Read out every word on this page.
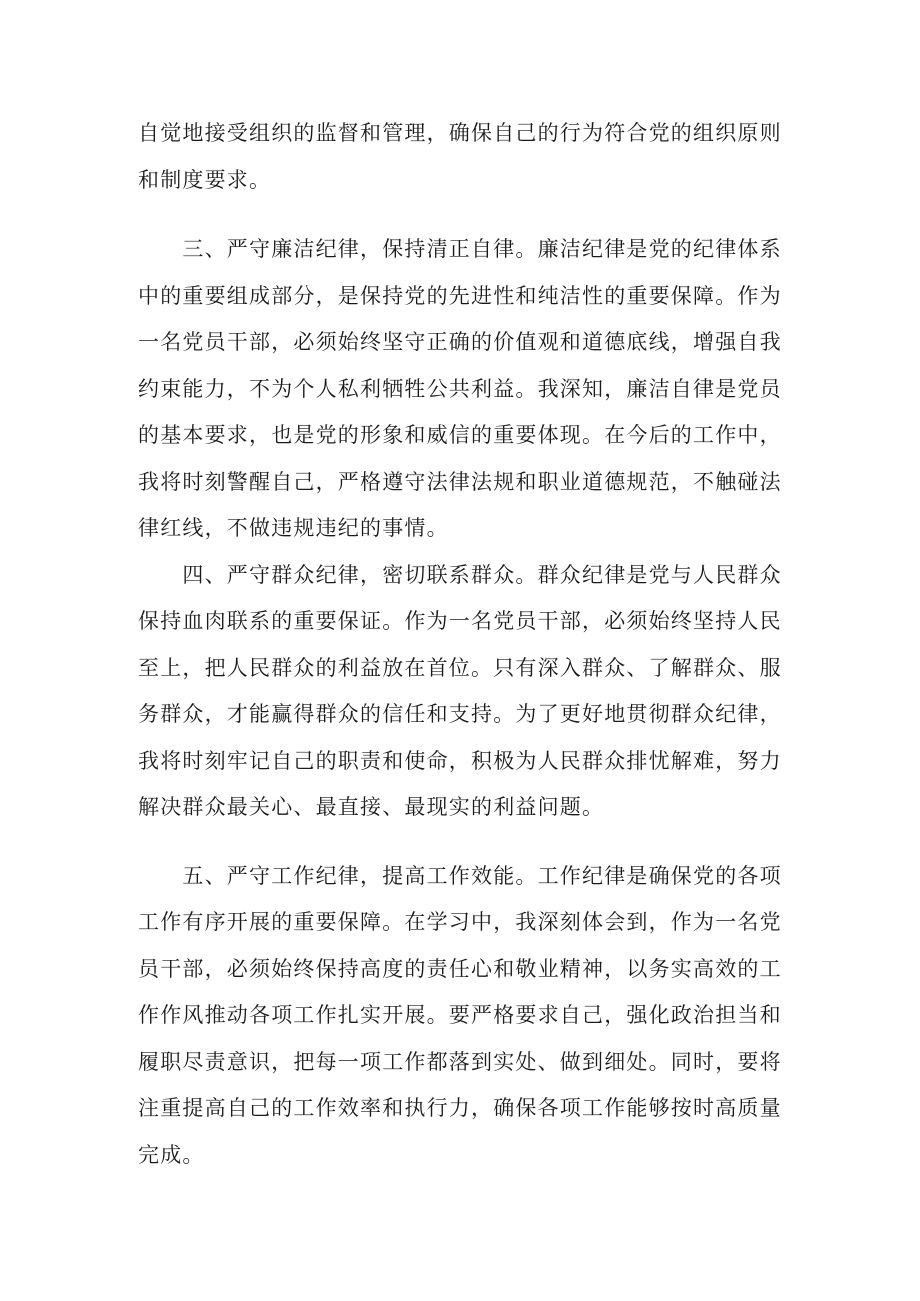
自觉地接受组织的监督和管理，确保自己的行为符合党的组织原则
和制度要求。
　　三、严守廉洁纪律，保持清正自律。廉洁纪律是党的纪律体系
中的重要组成部分，是保持党的先进性和纯洁性的重要保障。作为
一名党员干部，必须始终坚守正确的价值观和道德底线，增强自我
约束能力，不为个人私利牺牲公共利益。我深知，廉洁自律是党员
的基本要求，也是党的形象和威信的重要体现。在今后的工作中，
我将时刻警醒自己，严格遵守法律法规和职业道德规范，不触碰法
律红线，不做违规违纪的事情。
　　四、严守群众纪律，密切联系群众。群众纪律是党与人民群众
保持血肉联系的重要保证。作为一名党员干部，必须始终坚持人民
至上，把人民群众的利益放在首位。只有深入群众、了解群众、服
务群众，才能赢得群众的信任和支持。为了更好地贯彻群众纪律，
我将时刻牢记自己的职责和使命，积极为人民群众排忧解难，努力
解决群众最关心、最直接、最现实的利益问题。
　　五、严守工作纪律，提高工作效能。工作纪律是确保党的各项
工作有序开展的重要保障。在学习中，我深刻体会到，作为一名党
员干部，必须始终保持高度的责任心和敬业精神，以务实高效的工
作作风推动各项工作扎实开展。要严格要求自己，强化政治担当和
履职尽责意识，把每一项工作都落到实处、做到细处。同时，要将
注重提高自己的工作效率和执行力，确保各项工作能够按时高质量
完成。
